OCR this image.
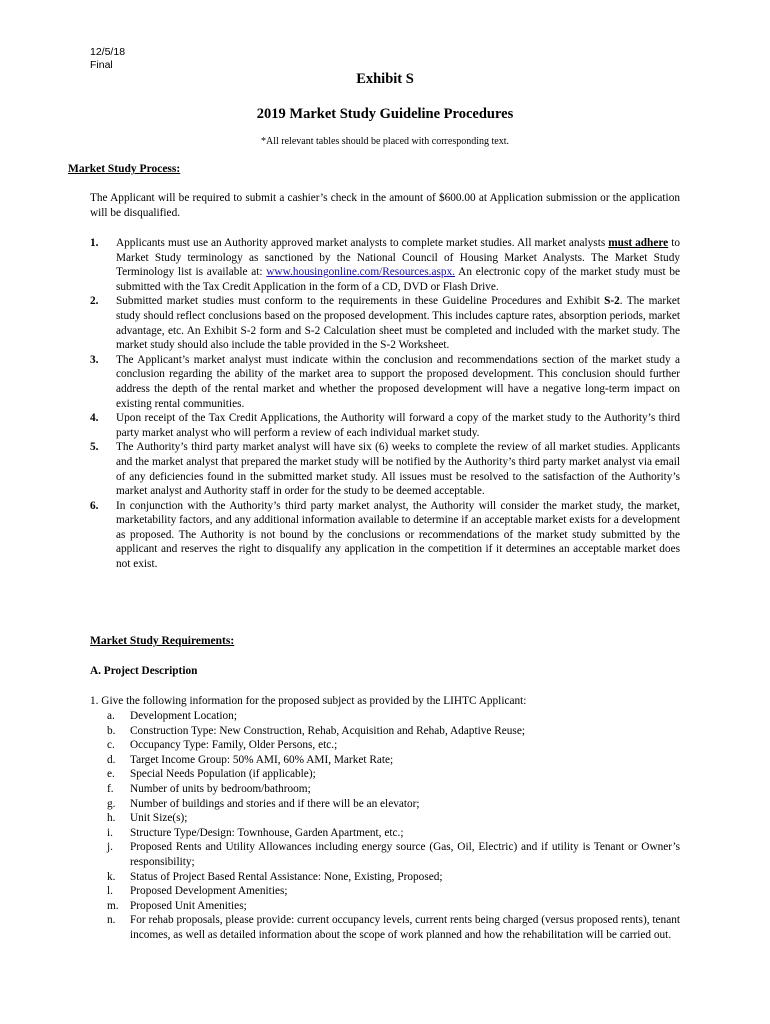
12/5/18
Final
Exhibit S
2019 Market Study Guideline Procedures
*All relevant tables should be placed with corresponding text.
Market Study Process:
The Applicant will be required to submit a cashier’s check in the amount of $600.00 at Application submission or the application will be disqualified.
1.	Applicants must use an Authority approved market analysts to complete market studies. All market analysts must adhere to Market Study terminology as sanctioned by the National Council of Housing Market Analysts. The Market Study Terminology list is available at: www.housingonline.com/Resources.aspx. An electronic copy of the market study must be submitted with the Tax Credit Application in the form of a CD, DVD or Flash Drive.
2.	Submitted market studies must conform to the requirements in these Guideline Procedures and Exhibit S-2. The market study should reflect conclusions based on the proposed development. This includes capture rates, absorption periods, market advantage, etc. An Exhibit S-2 form and S-2 Calculation sheet must be completed and included with the market study. The market study should also include the table provided in the S-2 Worksheet.
3.	The Applicant’s market analyst must indicate within the conclusion and recommendations section of the market study a conclusion regarding the ability of the market area to support the proposed development. This conclusion should further address the depth of the rental market and whether the proposed development will have a negative long-term impact on existing rental communities.
4.	Upon receipt of the Tax Credit Applications, the Authority will forward a copy of the market study to the Authority’s third party market analyst who will perform a review of each individual market study.
5.	The Authority’s third party market analyst will have six (6) weeks to complete the review of all market studies. Applicants and the market analyst that prepared the market study will be notified by the Authority’s third party market analyst via email of any deficiencies found in the submitted market study. All issues must be resolved to the satisfaction of the Authority’s market analyst and Authority staff in order for the study to be deemed acceptable.
6.	In conjunction with the Authority’s third party market analyst, the Authority will consider the market study, the market, marketability factors, and any additional information available to determine if an acceptable market exists for a development as proposed. The Authority is not bound by the conclusions or recommendations of the market study submitted by the applicant and reserves the right to disqualify any application in the competition if it determines an acceptable market does not exist.
Market Study Requirements:
A. Project Description
1. Give the following information for the proposed subject as provided by the LIHTC Applicant:
a.	Development Location;
b.	Construction Type: New Construction, Rehab, Acquisition and Rehab, Adaptive Reuse;
c.	Occupancy Type: Family, Older Persons, etc.;
d.	Target Income Group: 50% AMI, 60% AMI, Market Rate;
e.	Special Needs Population (if applicable);
f.	Number of units by bedroom/bathroom;
g.	Number of buildings and stories and if there will be an elevator;
h.	Unit Size(s);
i.	Structure Type/Design: Townhouse, Garden Apartment, etc.;
j.	Proposed Rents and Utility Allowances including energy source (Gas, Oil, Electric) and if utility is Tenant or Owner’s responsibility;
k.	Status of Project Based Rental Assistance: None, Existing, Proposed;
l.	Proposed Development Amenities;
m.	Proposed Unit Amenities;
n.	For rehab proposals, please provide: current occupancy levels, current rents being charged (versus proposed rents), tenant incomes, as well as detailed information about the scope of work planned and how the rehabilitation will be carried out.
